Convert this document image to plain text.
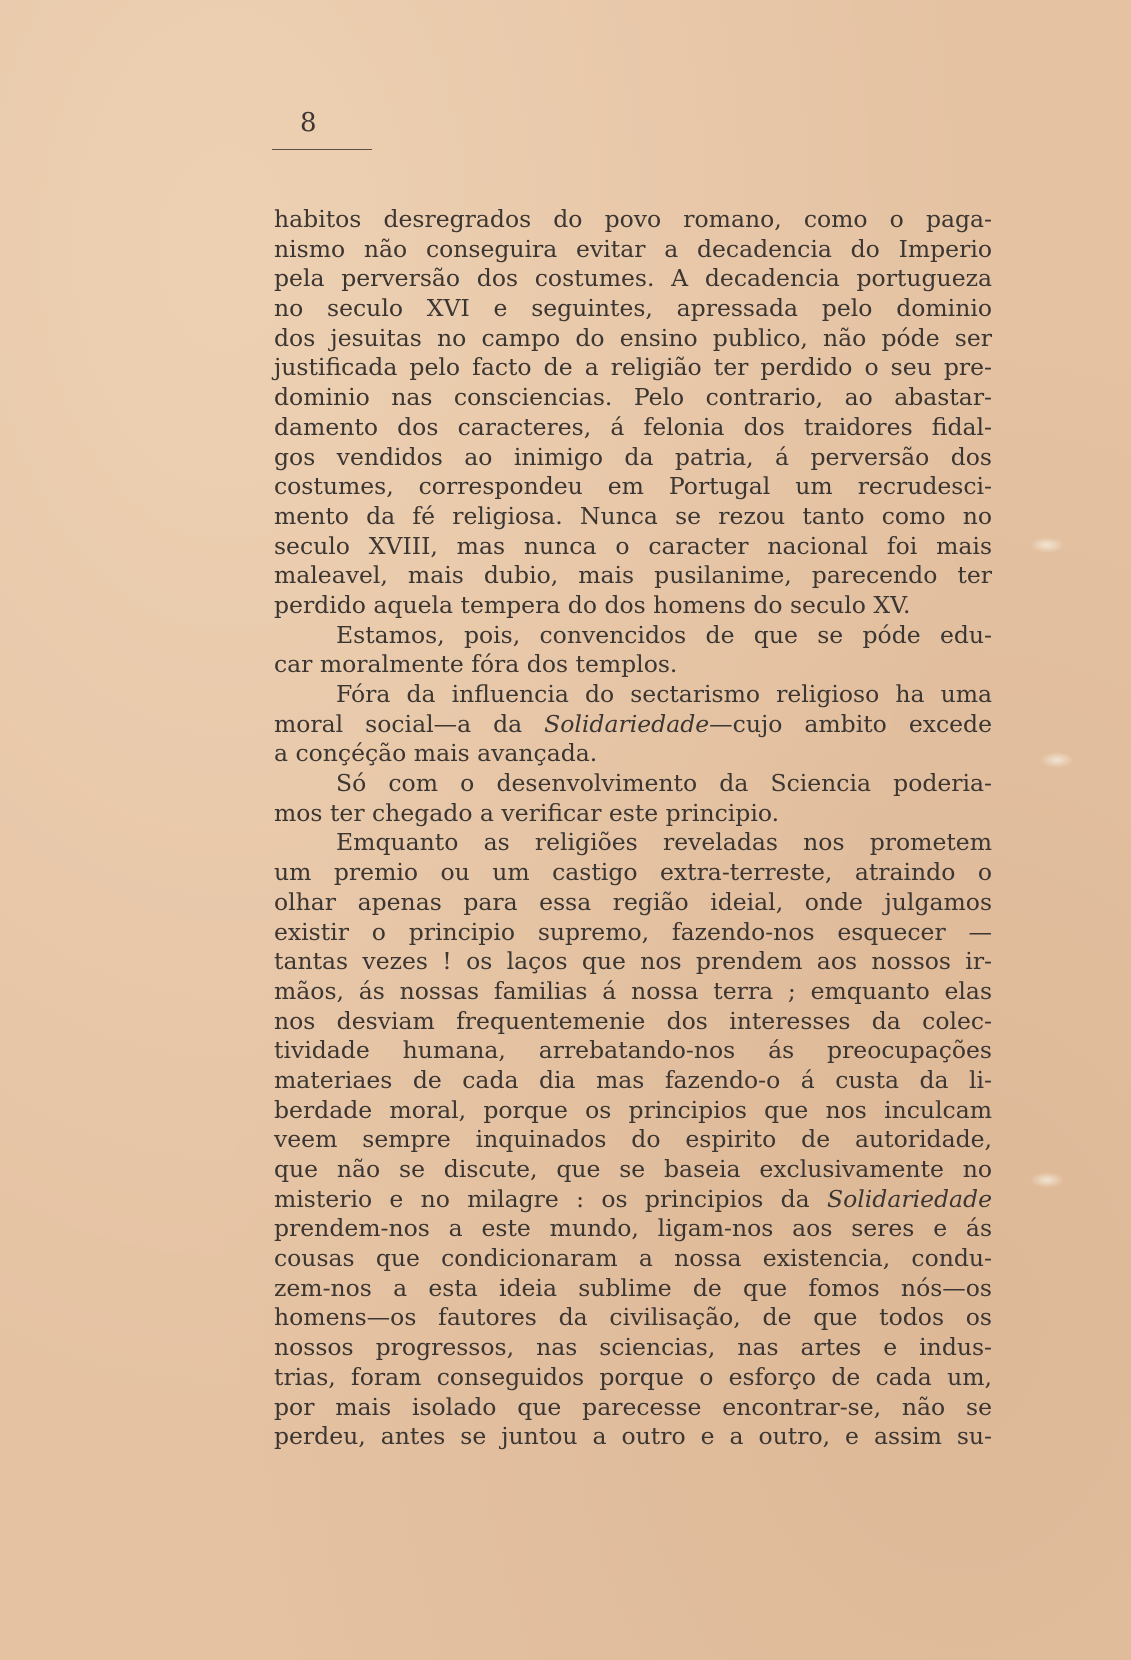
8
habitos desregrados do povo romano, como o paga-
nismo não conseguira evitar a decadencia do Imperio
pela perversão dos costumes. A decadencia portugueza
no seculo XVI e seguintes, apressada pelo dominio
dos jesuitas no campo do ensino publico, não póde ser
justificada pelo facto de a religião ter perdido o seu pre-
dominio nas consciencias. Pelo contrario, ao abastar-
damento dos caracteres, á felonia dos traidores fidal-
gos vendidos ao inimigo da patria, á perversão dos
costumes, correspondeu em Portugal um recrudesci-
mento da fé religiosa. Nunca se rezou tanto como no
seculo XVIII, mas nunca o caracter nacional foi mais
maleavel, mais dubio, mais pusilanime, parecendo ter
perdido aquela tempera do dos homens do seculo XV.
Estamos, pois, convencidos de que se póde edu-
car moralmente fóra dos templos.
Fóra da influencia do sectarismo religioso ha uma
moral social—a da Solidariedade—cujo ambito excede
a conçéção mais avançada.
Só com o desenvolvimento da Sciencia poderia-
mos ter chegado a verificar este principio.
Emquanto as religiões reveladas nos prometem
um premio ou um castigo extra-terreste, atraindo o
olhar apenas para essa região ideial, onde julgamos
existir o principio supremo, fazendo-nos esquecer —
tantas vezes ! os laços que nos prendem aos nossos ir-
mãos, ás nossas familias á nossa terra ; emquanto elas
nos desviam frequentemenie dos interesses da colec-
tividade humana, arrebatando-nos ás preocupações
materiaes de cada dia mas fazendo-o á custa da li-
berdade moral, porque os principios que nos inculcam
veem sempre inquinados do espirito de autoridade,
que não se discute, que se baseia exclusivamente no
misterio e no milagre : os principios da Solidariedade
prendem-nos a este mundo, ligam-nos aos seres e ás
cousas que condicionaram a nossa existencia, condu-
zem-nos a esta ideia sublime de que fomos nós—os
homens—os fautores da civilisação, de que todos os
nossos progressos, nas sciencias, nas artes e indus-
trias, foram conseguidos porque o esforço de cada um,
por mais isolado que parecesse encontrar-se, não se
perdeu, antes se juntou a outro e a outro, e assim su-
